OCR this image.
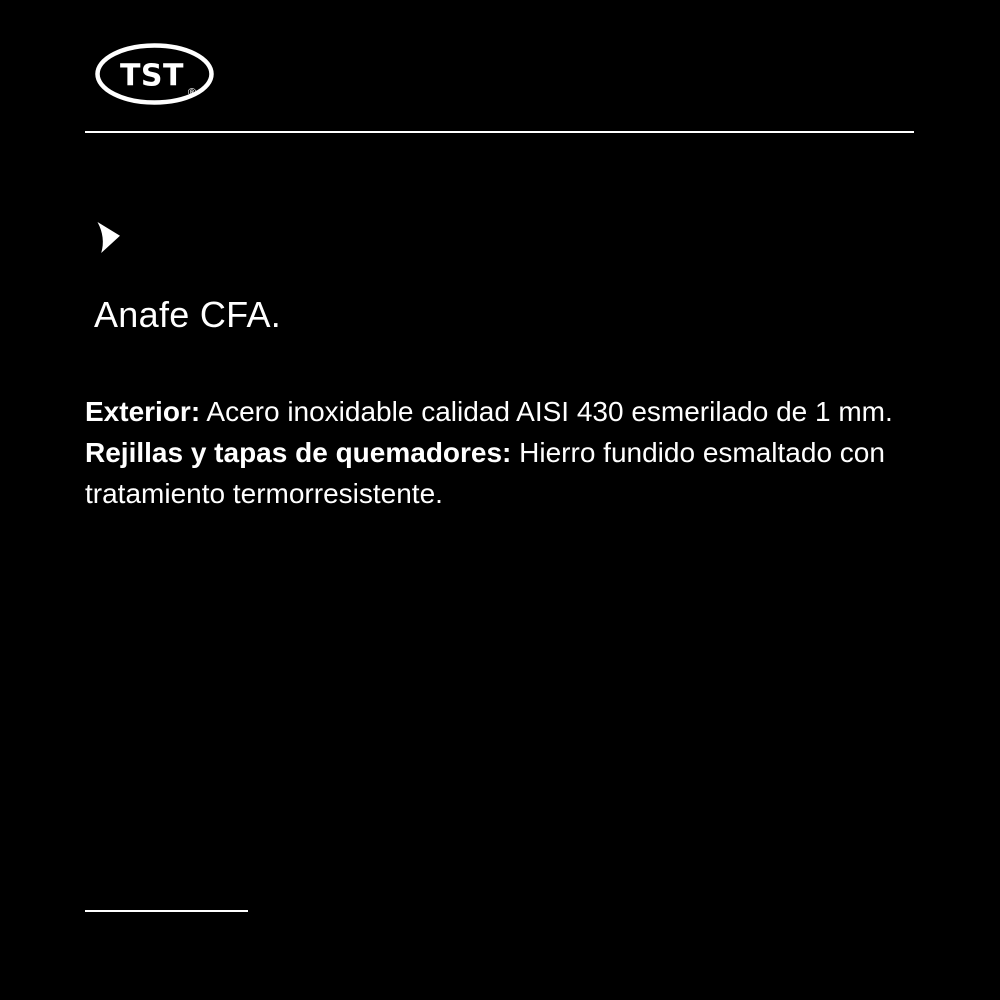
TST ®
Anafe CFA.

Exterior: Acero inoxidable calidad AISI 430 esmerilado de 1 mm.

Rejillas y tapas de quemadores: Hierro fundido esmaltado con tratamiento termorresistente.
